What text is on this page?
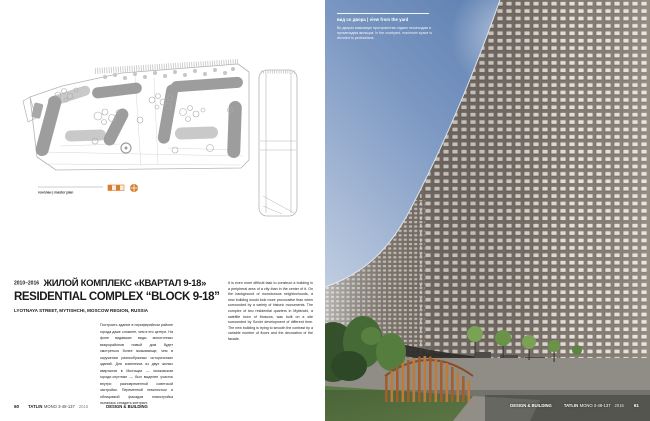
генплан | master plan
2010–2016 ЖИЛОЙ КОМПЛЕКС «КВАРТАЛ 9-18» RESIDENTIAL COMPLEX “BLOCK 9-18” LYOTNAYA STREET, MYTISHCHI, MOSCOW REGION, RUSSIA
Построить здание в периферийном районе города даже сложнее, чем в его центре. На фоне видавших виды монотонных микрорайонов новый дом будет смотреться более вызывающе, чем в окружении разнообразных исторических зданий. Для комплекса из двух жилых кварталов в Мытищах — московском городе-спутнике — был выделен участок внутри разновременной советской застройки. Переменной этажностью и облицовкой фасадов новостройка пыталась сгладить контраст.
It is even more difficult task to construct a building in a peripheral area of a city than in the center of it. On the background of monotonous neighborhoods, a new building would look more provocative than when surrounded by a variety of historic monuments. The complex of two residential quarters in Mytishchi, a satellite town of Moscow, was built on a site surrounded by Soviet development of different time. The new building is trying to smooth the contrast by a variable number of floors and the decoration of the facade.
60 TATLIN MONO 3-48-137 2015	DESIGN & BUILDING
вид со двора | view from the yard
Во дворах максимум пространства отдано пешеходам и променадам жильцов. In the courtyard, maximum space is devoted to pedestrians.
DESIGN & BUILDING	TATLIN MONO 3-48-137 2015 61
